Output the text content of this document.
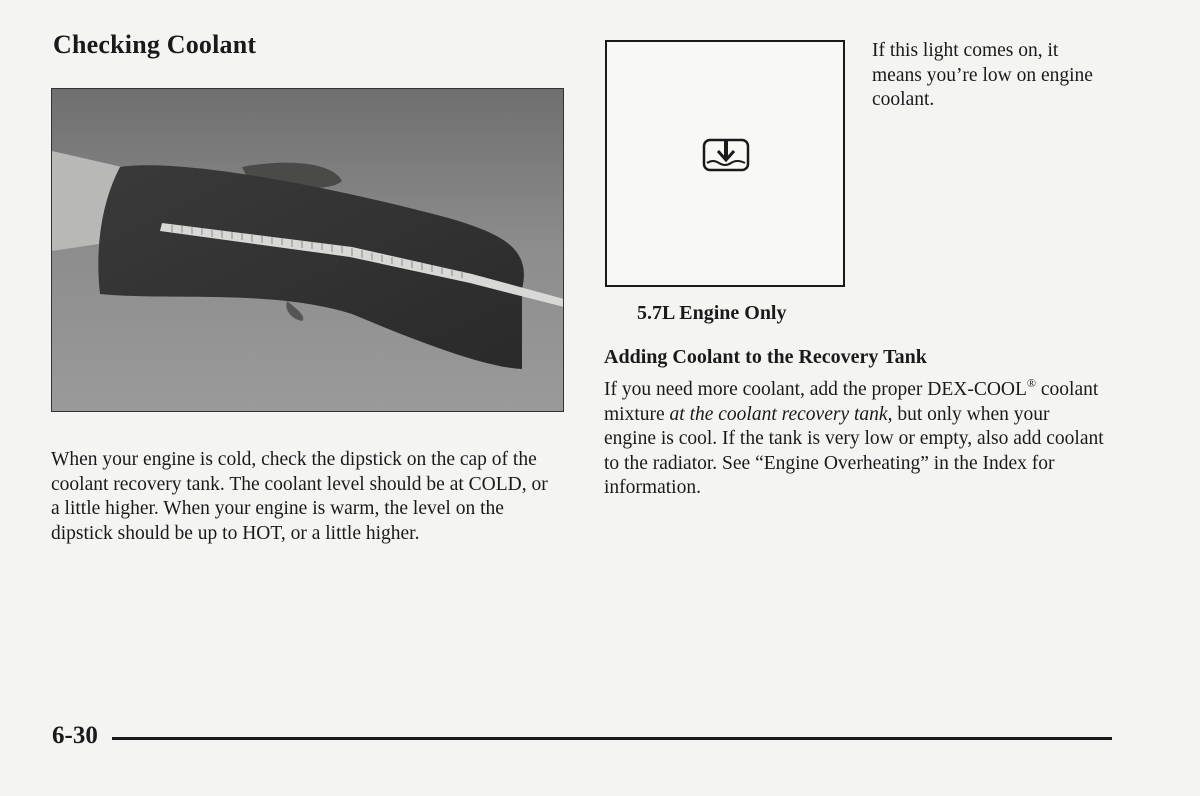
Checking Coolant
When your engine is cold, check the dipstick on the cap of the coolant recovery tank. The coolant level should be at COLD, or a little higher. When your engine is warm, the level on the dipstick should be up to HOT, or a little higher.
If this light comes on, it means you’re low on engine coolant.
5.7L Engine Only
Adding Coolant to the Recovery Tank
If you need more coolant, add the proper DEX-COOL® coolant mixture at the coolant recovery tank, but only when your engine is cool. If the tank is very low or empty, also add coolant to the radiator. See “Engine Overheating” in the Index for information.
6-30
